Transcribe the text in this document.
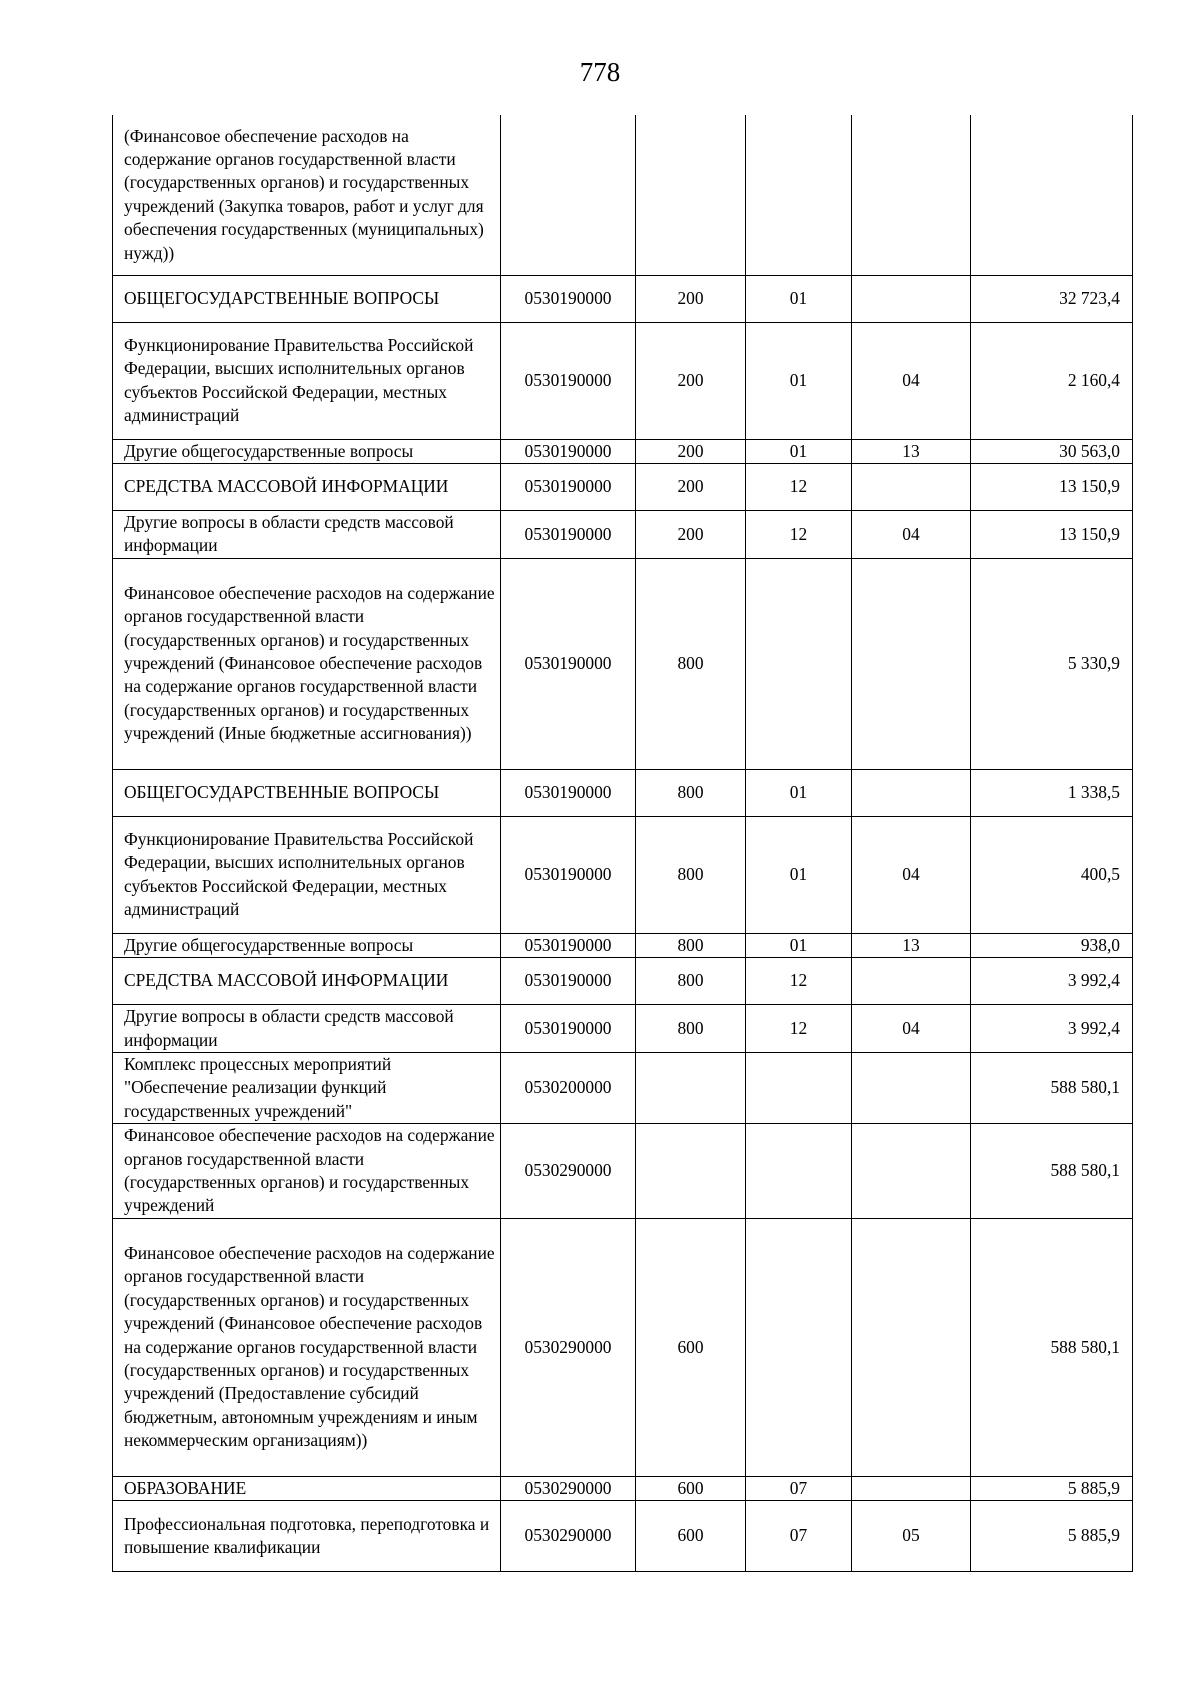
778
(Финансовое обеспечение расходов на содержание органов государственной власти (государственных органов) и государственных учреждений (Закупка товаров, работ и услуг для обеспечения государственных (муниципальных) нужд))					
ОБЩЕГОСУДАРСТВЕННЫЕ ВОПРОСЫ	0530190000	200	01		32 723,4
Функционирование Правительства Российской Федерации, высших исполнительных органов субъектов Российской Федерации, местных администраций	0530190000	200	01	04	2 160,4
Другие общегосударственные вопросы	0530190000	200	01	13	30 563,0
СРЕДСТВА МАССОВОЙ ИНФОРМАЦИИ	0530190000	200	12		13 150,9
Другие вопросы в области средств массовой информации	0530190000	200	12	04	13 150,9
Финансовое обеспечение расходов на содержание органов государственной власти (государственных органов) и государственных учреждений (Финансовое обеспечение расходов на содержание органов государственной власти (государственных органов) и государственных учреждений (Иные бюджетные ассигнования))	0530190000	800			5 330,9
ОБЩЕГОСУДАРСТВЕННЫЕ ВОПРОСЫ	0530190000	800	01		1 338,5
Функционирование Правительства Российской Федерации, высших исполнительных органов субъектов Российской Федерации, местных администраций	0530190000	800	01	04	400,5
Другие общегосударственные вопросы	0530190000	800	01	13	938,0
СРЕДСТВА МАССОВОЙ ИНФОРМАЦИИ	0530190000	800	12		3 992,4
Другие вопросы в области средств массовой информации	0530190000	800	12	04	3 992,4
Комплекс процессных мероприятий "Обеспечение реализации функций государственных учреждений"	0530200000				588 580,1
Финансовое обеспечение расходов на содержание органов государственной власти (государственных органов) и государственных учреждений	0530290000				588 580,1
Финансовое обеспечение расходов на содержание органов государственной власти (государственных органов) и государственных учреждений (Финансовое обеспечение расходов на содержание органов государственной власти (государственных органов) и государственных учреждений (Предоставление субсидий бюджетным, автономным учреждениям и иным некоммерческим организациям))	0530290000	600			588 580,1
ОБРАЗОВАНИЕ	0530290000	600	07		5 885,9
Профессиональная подготовка, переподготовка и повышение квалификации	0530290000	600	07	05	5 885,9
